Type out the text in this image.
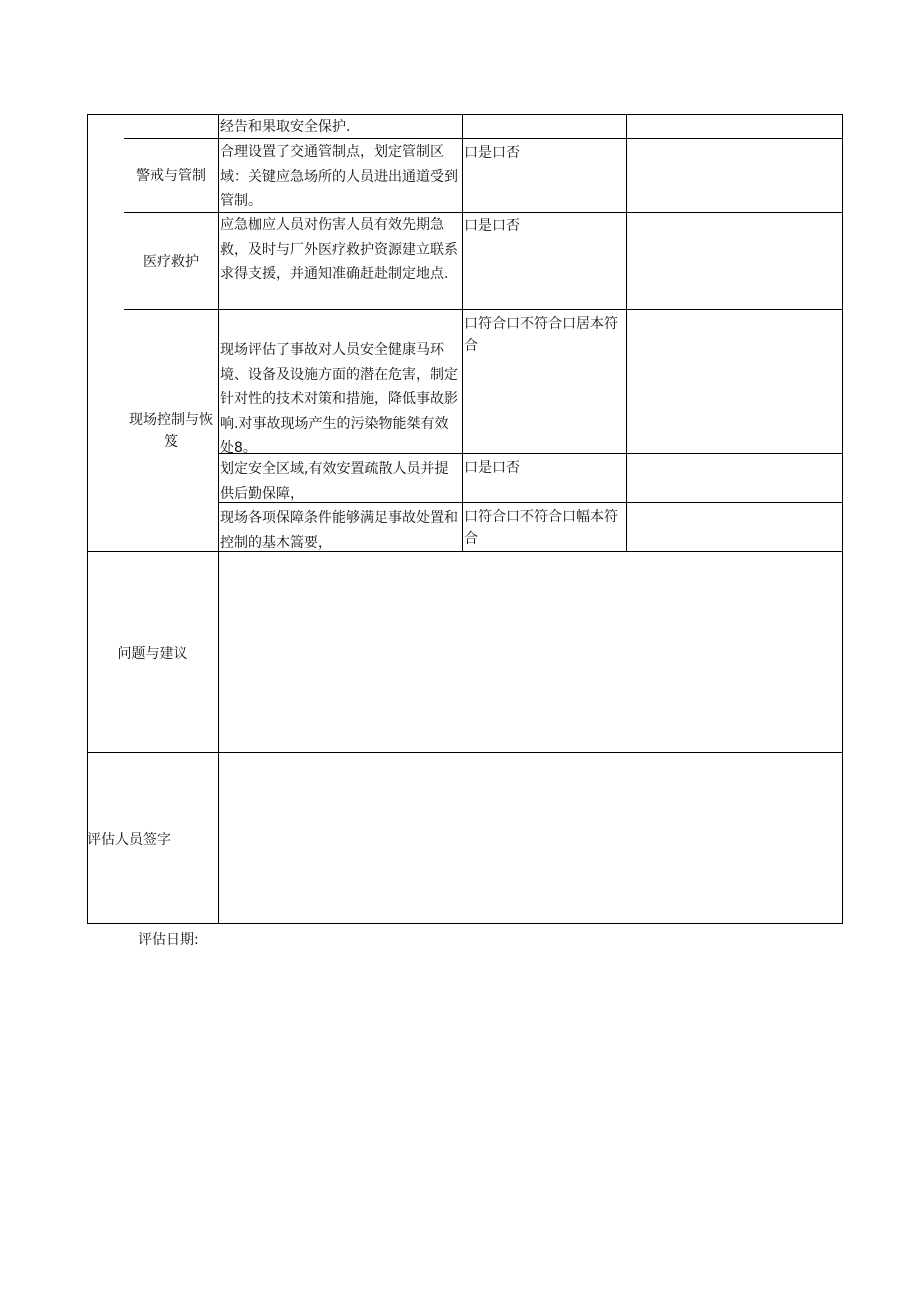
经告和果取安全保护.
警戒与管制
合理设置了交通管制点，划定管制区域：关键应急场所的人员进出通道受到管制。
口是口否
医疗救护
应急枷应人员对伤害人员有效先期急救，及时与厂外医疗救护资源建立联系求得支援，并通知准确赶赴制定地点.
口是口否
现场控制与恢笈
现场评估了事故对人员安全健康马环境、设备及设施方面的潜在危害，制定针对性的技术对策和措施，降低事故影响.对事故现场产生的污染物能桀有效处8。
口符合口不符合口居本符合
划定安全区域,有效安置疏散人员并提供后勤保障，
口是口否
现场各项保障条件能够满足事故处置和控制的基木篙要，
口符合口不符合口幅本符合
问题与建议
评估人员签字
评估日期:
